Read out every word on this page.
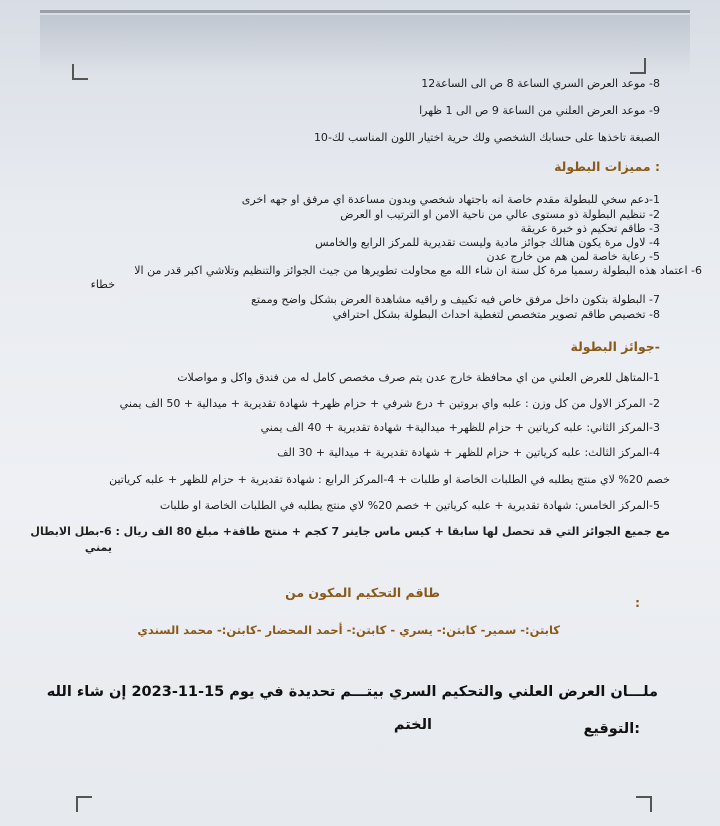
8- موعد العرض السري الساعة 8 ص الى الساعة12
9- موعد العرض العلني من الساعة 9 ص الى 1 ظهرا
الصبغة تاخذها على حسابك الشخصي ولك حرية اختيار اللون المناسب لك-10
: مميزات البطولة
1-دعم سخي للبطولة مقدم خاصة انه باجتهاد شخصي وبدون مساعدة اي مرفق او جهه اخرى
2- تنظيم البطولة ذو مستوى عالي من ناحية الامن او الترتيب او العرض
3- طاقم تحكيم ذو خبرة عريقة
4- لاول مرة يكون هنالك جوائز مادية وليست تقديرية للمركز الرابع والخامس
5- رعاية خاصة لمن هم من خارج عدن
6- اعتماد هذه البطولة رسميا مرة كل سنة ان شاء الله مع محاولت تطويرها من جيث الجوائز والتنظيم وتلاشي اكبر قدر من الا
خطاء
7- البطولة بتكون داخل مرفق خاص فيه تكييف و راقيه مشاهدة العرض بشكل واضح وممتع
8- تخصيص طاقم تصوير متخصص لتغطية احداث البطولة بشكل احترافي
-جوائز البطولة
1-المتاهل للعرض العلني من اي محافظة خارج عدن يتم صرف مخصص كامل له من فندق واكل و مواصلات
2- المركز الاول من كل وزن : علبه واي بروتين + درع شرفي + حزام ظهر+ شهادة تقديرية + ميدالية + 50 الف يمني
3-المركز الثاني: علبه كرياتين + حزام للظهر+ ميدالية+ شهادة تقديرية + 40 الف يمني
4-المركز الثالث: علبه كرياتين + حزام للظهر + شهادة تقديرية + ميدالية + 30 الف
خصم 20% لاي منتج يطلبه في الطلبات الخاصة او طلبات + 4-المركز الرابع : شهادة تقديرية + حزام للظهر + علبه كرياتين
5-المركز الخامس: شهادة تقديرية + علبه كرياتين + خصم 20% لاي منتج يطلبه في الطلبات الخاصة او طلبات
مع جميع الجوائز التي قد تحصل لها سابقا + كيس ماس جاينر 7 كجم + منتج طاقة+ مبلغ 80 الف ريال : 6-بطل الابطال
يمني
:
طاقم التحكيم المكون من
كابتن:- سمير- كابتن:- يسري - كابتن:- أحمد المحضار -كابتن:- محمد السندي
ملـــان العرض العلني والتحكيم السري بيتـــم تحديدة في يوم 15-11-2023 إن شاء الله
:التوقيع
الختم
